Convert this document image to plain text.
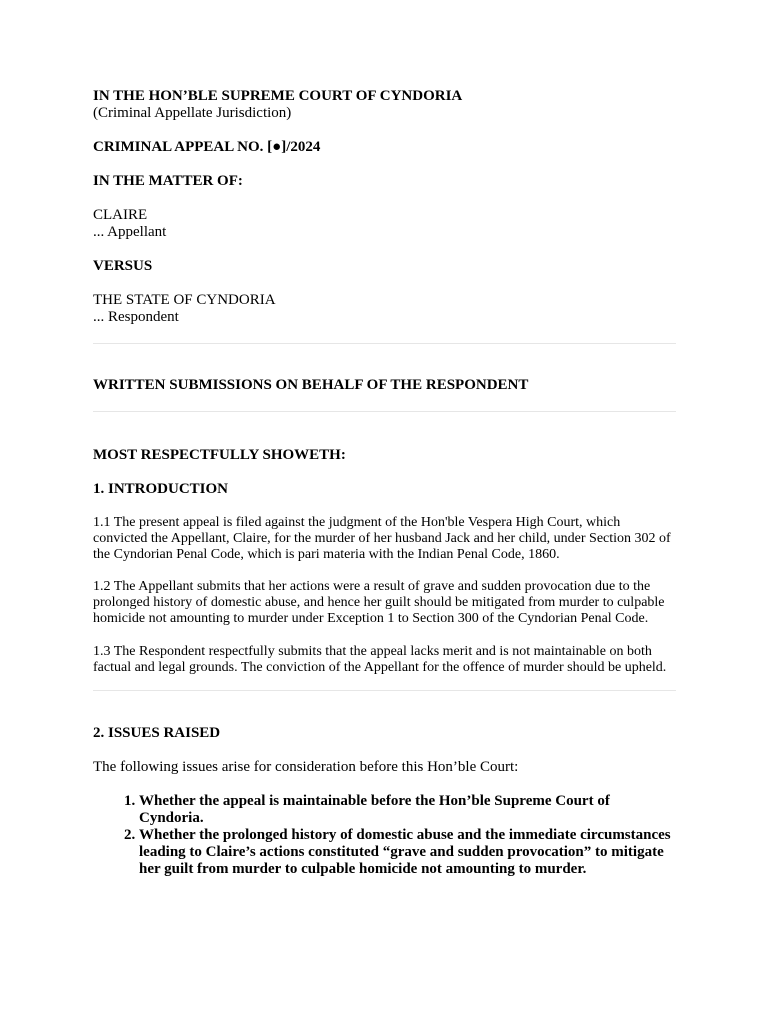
IN THE HON’BLE SUPREME COURT OF CYNDORIA

(Criminal Appellate Jurisdiction)

CRIMINAL APPEAL NO. [●]/2024

IN THE MATTER OF:

CLAIRE

... Appellant

VERSUS

THE STATE OF CYNDORIA

... Respondent

WRITTEN SUBMISSIONS ON BEHALF OF THE RESPONDENT

MOST RESPECTFULLY SHOWETH:

1. INTRODUCTION

1.1 The present appeal is filed against the judgment of the Hon'ble Vespera High Court, which convicted the Appellant, Claire, for the murder of her husband Jack and her child, under Section 302 of the Cyndorian Penal Code, which is pari materia with the Indian Penal Code, 1860.

1.2 The Appellant submits that her actions were a result of grave and sudden provocation due to the prolonged history of domestic abuse, and hence her guilt should be mitigated from murder to culpable homicide not amounting to murder under Exception 1 to Section 300 of the Cyndorian Penal Code.

1.3 The Respondent respectfully submits that the appeal lacks merit and is not maintainable on both factual and legal grounds. The conviction of the Appellant for the offence of murder should be upheld.

2. ISSUES RAISED

The following issues arise for consideration before this Hon’ble Court:

1. Whether the appeal is maintainable before the Hon’ble Supreme Court of Cyndoria.
2. Whether the prolonged history of domestic abuse and the immediate circumstances leading to Claire’s actions constituted “grave and sudden provocation” to mitigate her guilt from murder to culpable homicide not amounting to murder.
